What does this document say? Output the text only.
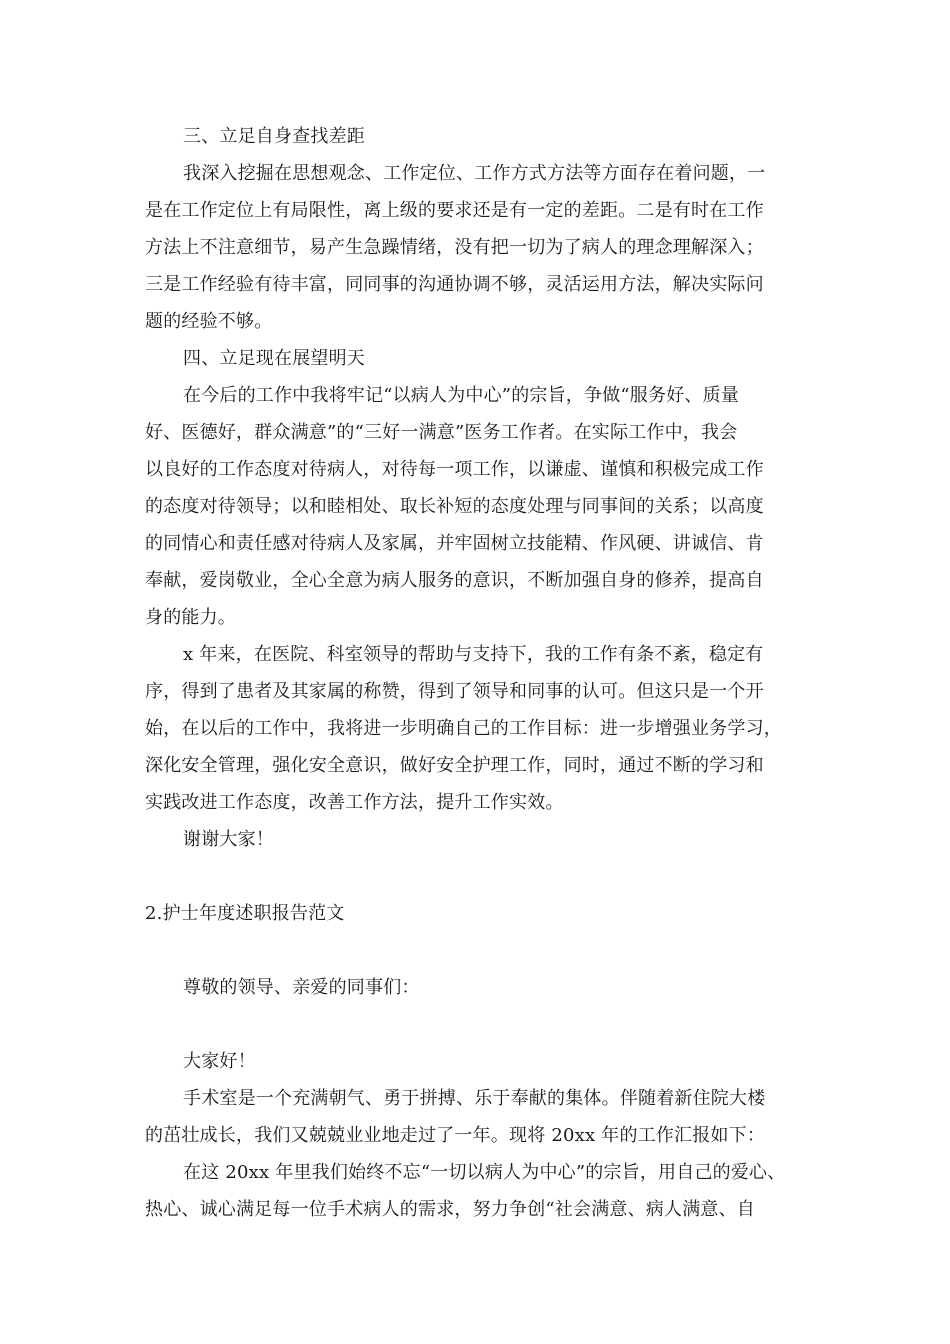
三、立足自身查找差距
我深入挖掘在思想观念、工作定位、工作方式方法等方面存在着问题，一
是在工作定位上有局限性，离上级的要求还是有一定的差距。二是有时在工作
方法上不注意细节，易产生急躁情绪，没有把一切为了病人的理念理解深入；
三是工作经验有待丰富，同同事的沟通协调不够，灵活运用方法，解决实际问
题的经验不够。
四、立足现在展望明天
在今后的工作中我将牢记“以病人为中心”的宗旨，争做“服务好、质量
好、医德好，群众满意”的“三好一满意”医务工作者。在实际工作中，我会
以良好的工作态度对待病人，对待每一项工作，以谦虚、谨慎和积极完成工作
的态度对待领导；以和睦相处、取长补短的态度处理与同事间的关系；以高度
的同情心和责任感对待病人及家属，并牢固树立技能精、作风硬、讲诚信、肯
奉献，爱岗敬业，全心全意为病人服务的意识，不断加强自身的修养，提高自
身的能力。
x 年来，在医院、科室领导的帮助与支持下，我的工作有条不紊，稳定有
序，得到了患者及其家属的称赞，得到了领导和同事的认可。但这只是一个开
始，在以后的工作中，我将进一步明确自己的工作目标：进一步增强业务学习，
深化安全管理，强化安全意识，做好安全护理工作，同时，通过不断的学习和
实践改进工作态度，改善工作方法，提升工作实效。
谢谢大家！
2.护士年度述职报告范文
尊敬的领导、亲爱的同事们：
大家好！
手术室是一个充满朝气、勇于拼搏、乐于奉献的集体。伴随着新住院大楼
的茁壮成长，我们又兢兢业业地走过了一年。现将 20xx 年的工作汇报如下：
在这 20xx 年里我们始终不忘“一切以病人为中心”的宗旨，用自己的爱心、
热心、诚心满足每一位手术病人的需求，努力争创“社会满意、病人满意、自
